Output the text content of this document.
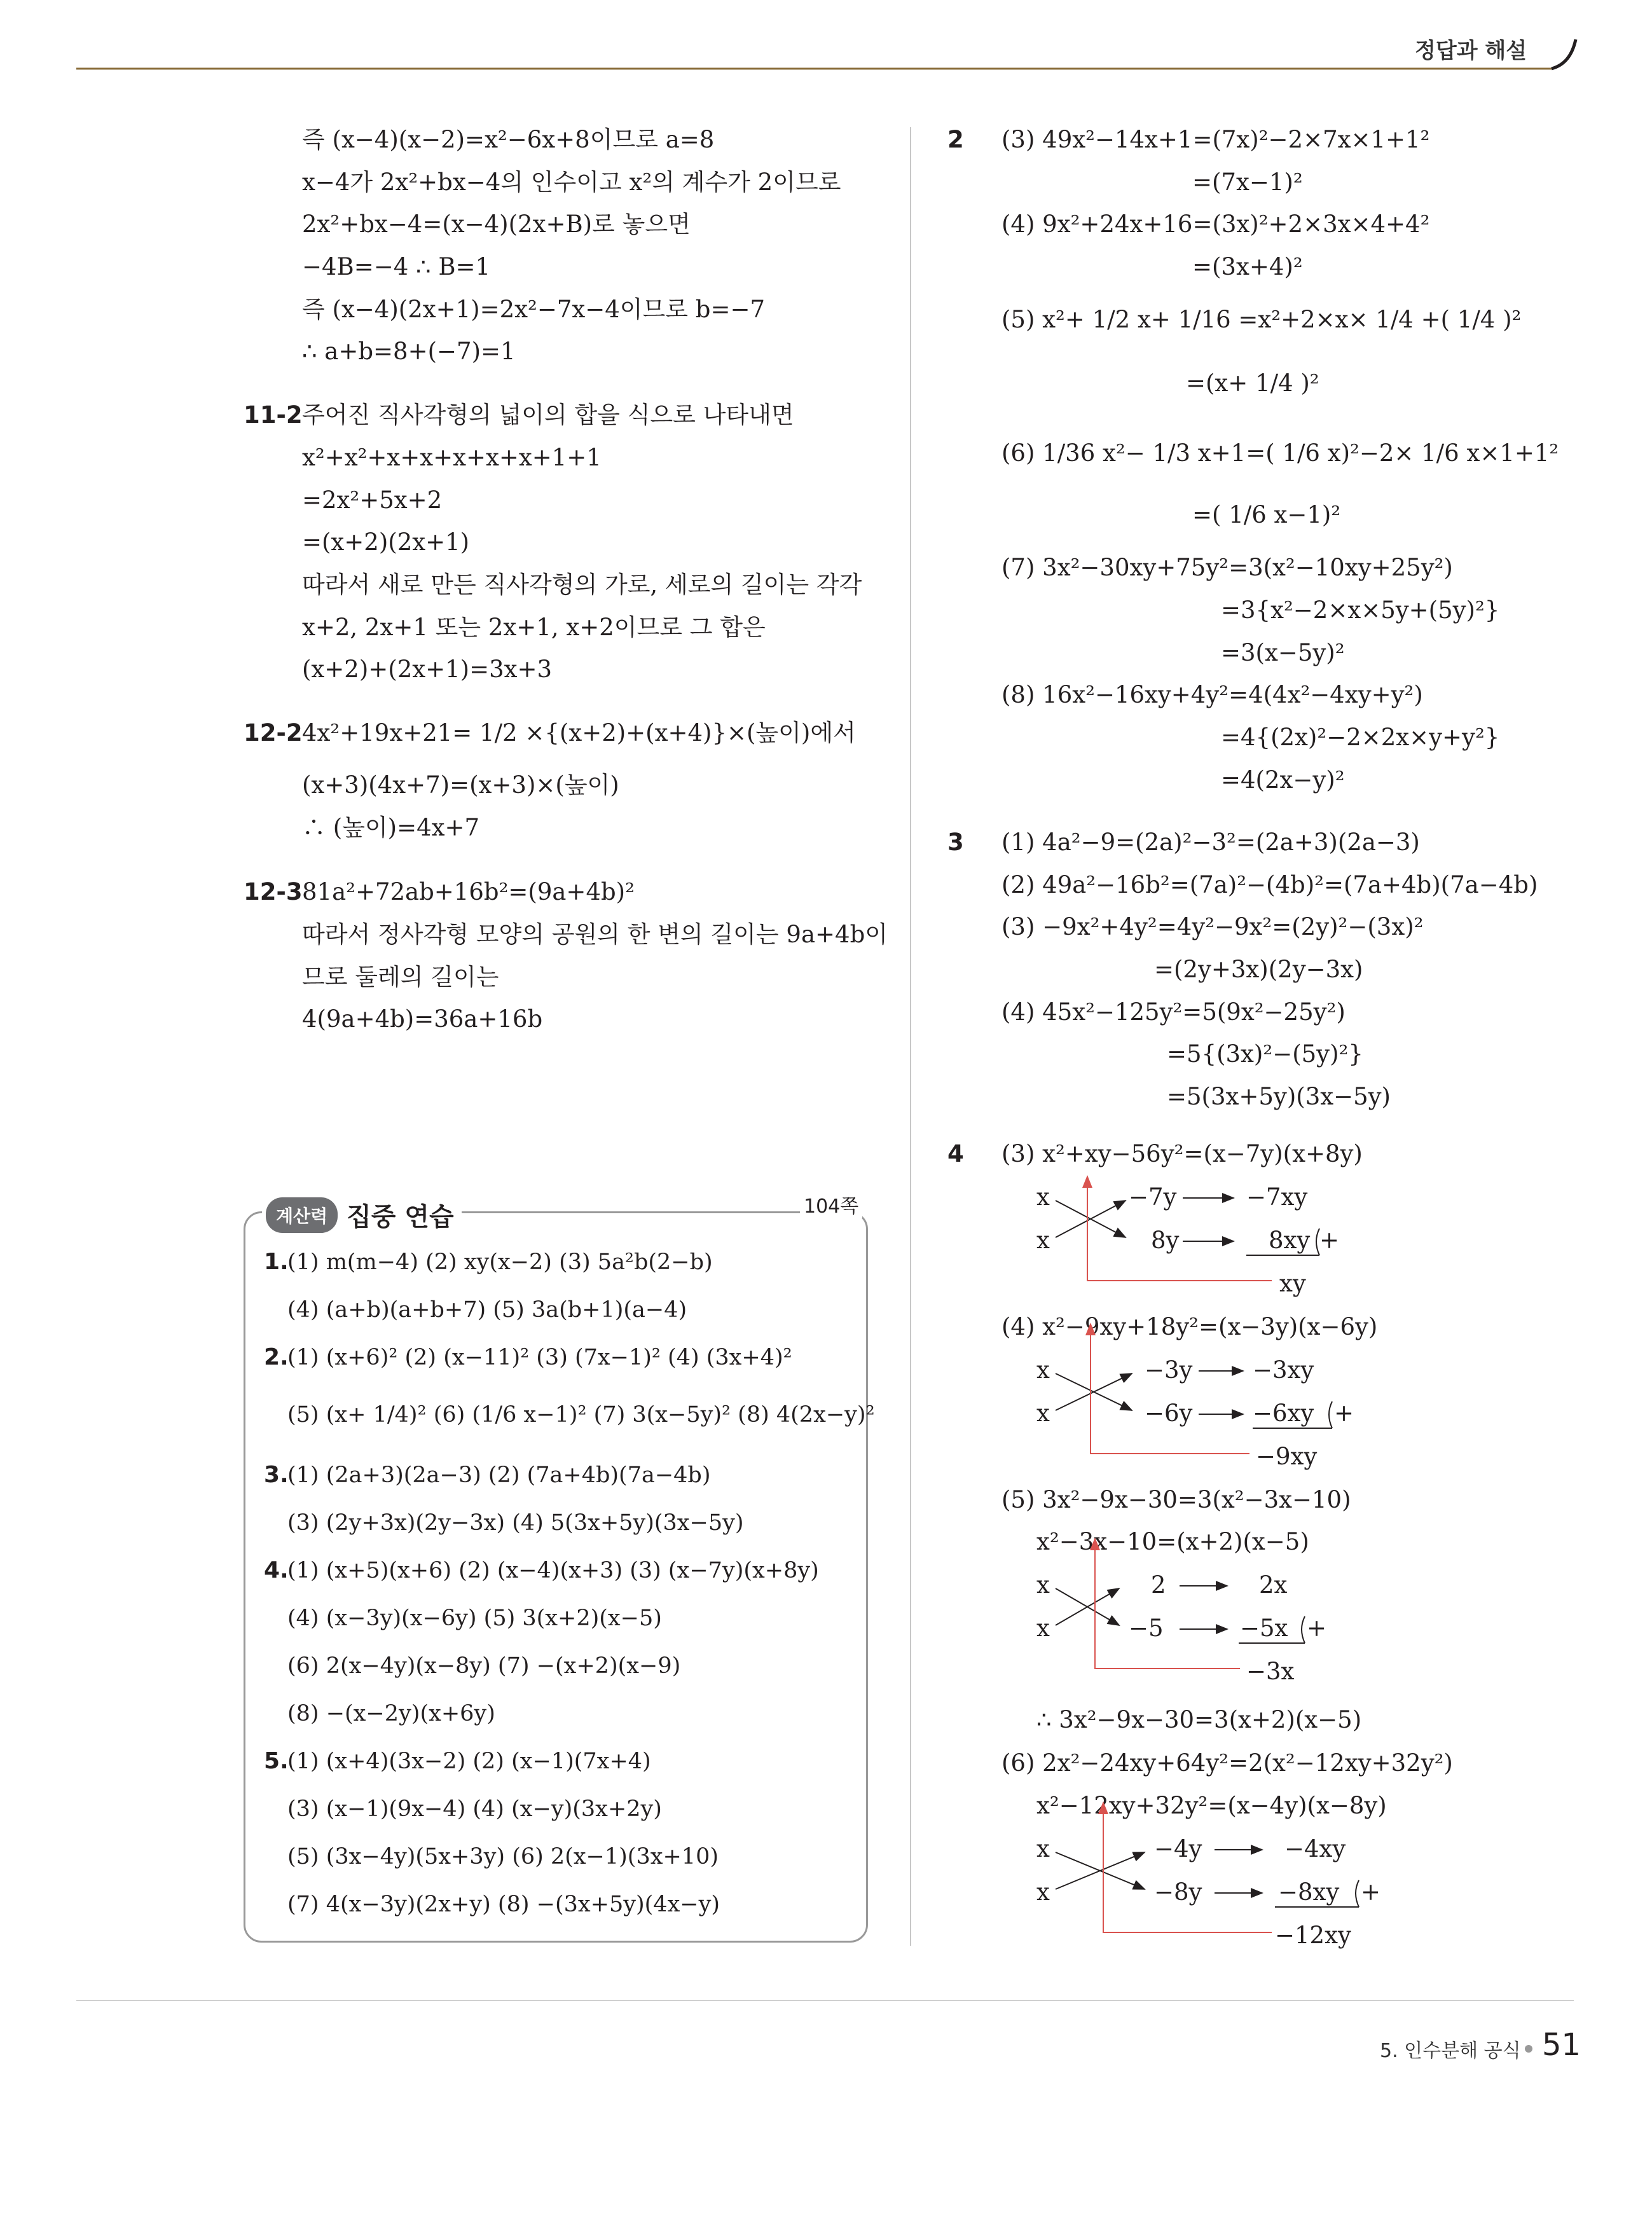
정답과 해설
즉 (x−4)(x−2)=x²−6x+8이므로 a=8
x−4가 2x²+bx−4의 인수이고 x²의 계수가 2이므로
2x²+bx−4=(x−4)(2x+B)로 놓으면
−4B=−4 ∴ B=1
즉 (x−4)(2x+1)=2x²−7x−4이므로 b=−7
∴ a+b=8+(−7)=1
11-2 주어진 직사각형의 넓이의 합을 식으로 나타내면
x²+x²+x+x+x+x+x+1+1
=2x²+5x+2
=(x+2)(2x+1)
따라서 새로 만든 직사각형의 가로, 세로의 길이는 각각
x+2, 2x+1 또는 2x+1, x+2이므로 그 합은
(x+2)+(2x+1)=3x+3
12-2 4x²+19x+21= 1/2 ×{(x+2)+(x+4)}×(높이)에서
(x+3)(4x+7)=(x+3)×(높이)
∴ (높이)=4x+7
12-3 81a²+72ab+16b²=(9a+4b)²
따라서 정사각형 모양의 공원의 한 변의 길이는 9a+4b이
므로 둘레의 길이는
4(9a+4b)=36a+16b
계산력 집중 연습	104쪽
1.
(1) m(m−4) (2) xy(x−2) (3) 5a²b(2−b)
(4) (a+b)(a+b+7) (5) 3a(b+1)(a−4)
2.
(1) (x+6)² (2) (x−11)² (3) (7x−1)² (4) (3x+4)²
(5) (x+ 1/4)² (6) (1/6 x−1)² (7) 3(x−5y)² (8) 4(2x−y)²
3.
(1) (2a+3)(2a−3) (2) (7a+4b)(7a−4b)
(3) (2y+3x)(2y−3x) (4) 5(3x+5y)(3x−5y)
4.
(1) (x+5)(x+6) (2) (x−4)(x+3) (3) (x−7y)(x+8y)
(4) (x−3y)(x−6y) (5) 3(x+2)(x−5)
(6) 2(x−4y)(x−8y) (7) −(x+2)(x−9)
(8) −(x−2y)(x+6y)
5.
(1) (x+4)(3x−2) (2) (x−1)(7x+4)
(3) (x−1)(9x−4) (4) (x−y)(3x+2y)
(5) (3x−4y)(5x+3y) (6) 2(x−1)(3x+10)
(7) 4(x−3y)(2x+y) (8) −(3x+5y)(4x−y)
2 (3) 49x²−14x+1=(7x)²−2×7x×1+1²
=(7x−1)²
(4) 9x²+24x+16=(3x)²+2×3x×4+4²
=(3x+4)²
(5) x²+ 1/2 x+ 1/16 =x²+2×x× 1/4 +( 1/4 )²
=(x+ 1/4 )²
(6) 1/36 x²− 1/3 x+1=( 1/6 x)²−2× 1/6 x×1+1²
=( 1/6 x−1)²
(7) 3x²−30xy+75y²=3(x²−10xy+25y²)
=3{x²−2×x×5y+(5y)²}
=3(x−5y)²
(8) 16x²−16xy+4y²=4(4x²−4xy+y²)
=4{(2x)²−2×2x×y+y²}
=4(2x−y)²
3 (1) 4a²−9=(2a)²−3²=(2a+3)(2a−3)
(2) 49a²−16b²=(7a)²−(4b)²=(7a+4b)(7a−4b)
(3) −9x²+4y²=4y²−9x²=(2y)²−(3x)²
=(2y+3x)(2y−3x)
(4) 45x²−125y²=5(9x²−25y²)
=5{(3x)²−(5y)²}
=5(3x+5y)(3x−5y)
4 (3) x²+xy−56y²=(x−7y)(x+8y)
x
x
−7y
8y
−7xy
8xy +
xy
(4) x²−9xy+18y²=(x−3y)(x−6y)
x
x
−3y
−6y
−3xy
−6xy +
−9xy
(5) 3x²−9x−30=3(x²−3x−10)
x²−3x−10=(x+2)(x−5)
x
x
2
−5
2x
−5x +
−3x
∴ 3x²−9x−30=3(x+2)(x−5)
(6) 2x²−24xy+64y²=2(x²−12xy+32y²)
x²−12xy+32y²=(x−4y)(x−8y)
x
x
−4y
−8y
−4xy
−8xy +
−12xy
5. 인수분해 공식 51
